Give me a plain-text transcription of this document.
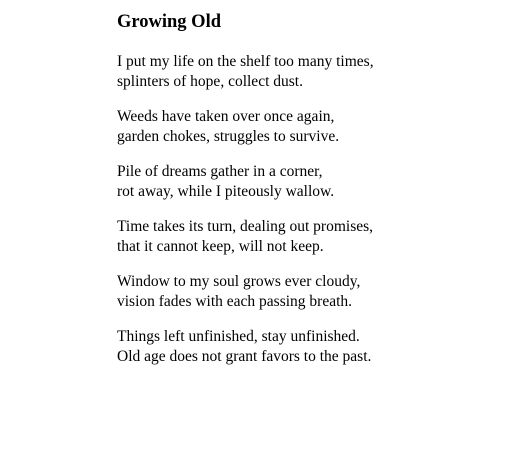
Growing Old
I put my life on the shelf too many times,
splinters of hope, collect dust.
Weeds have taken over once again,
garden chokes, struggles to survive.
Pile of dreams gather in a corner,
rot away, while I piteously wallow.
Time takes its turn, dealing out promises,
that it cannot keep, will not keep.
Window to my soul grows ever cloudy,
vision fades with each passing breath.
Things left unfinished, stay unfinished.
Old age does not grant favors to the past.
